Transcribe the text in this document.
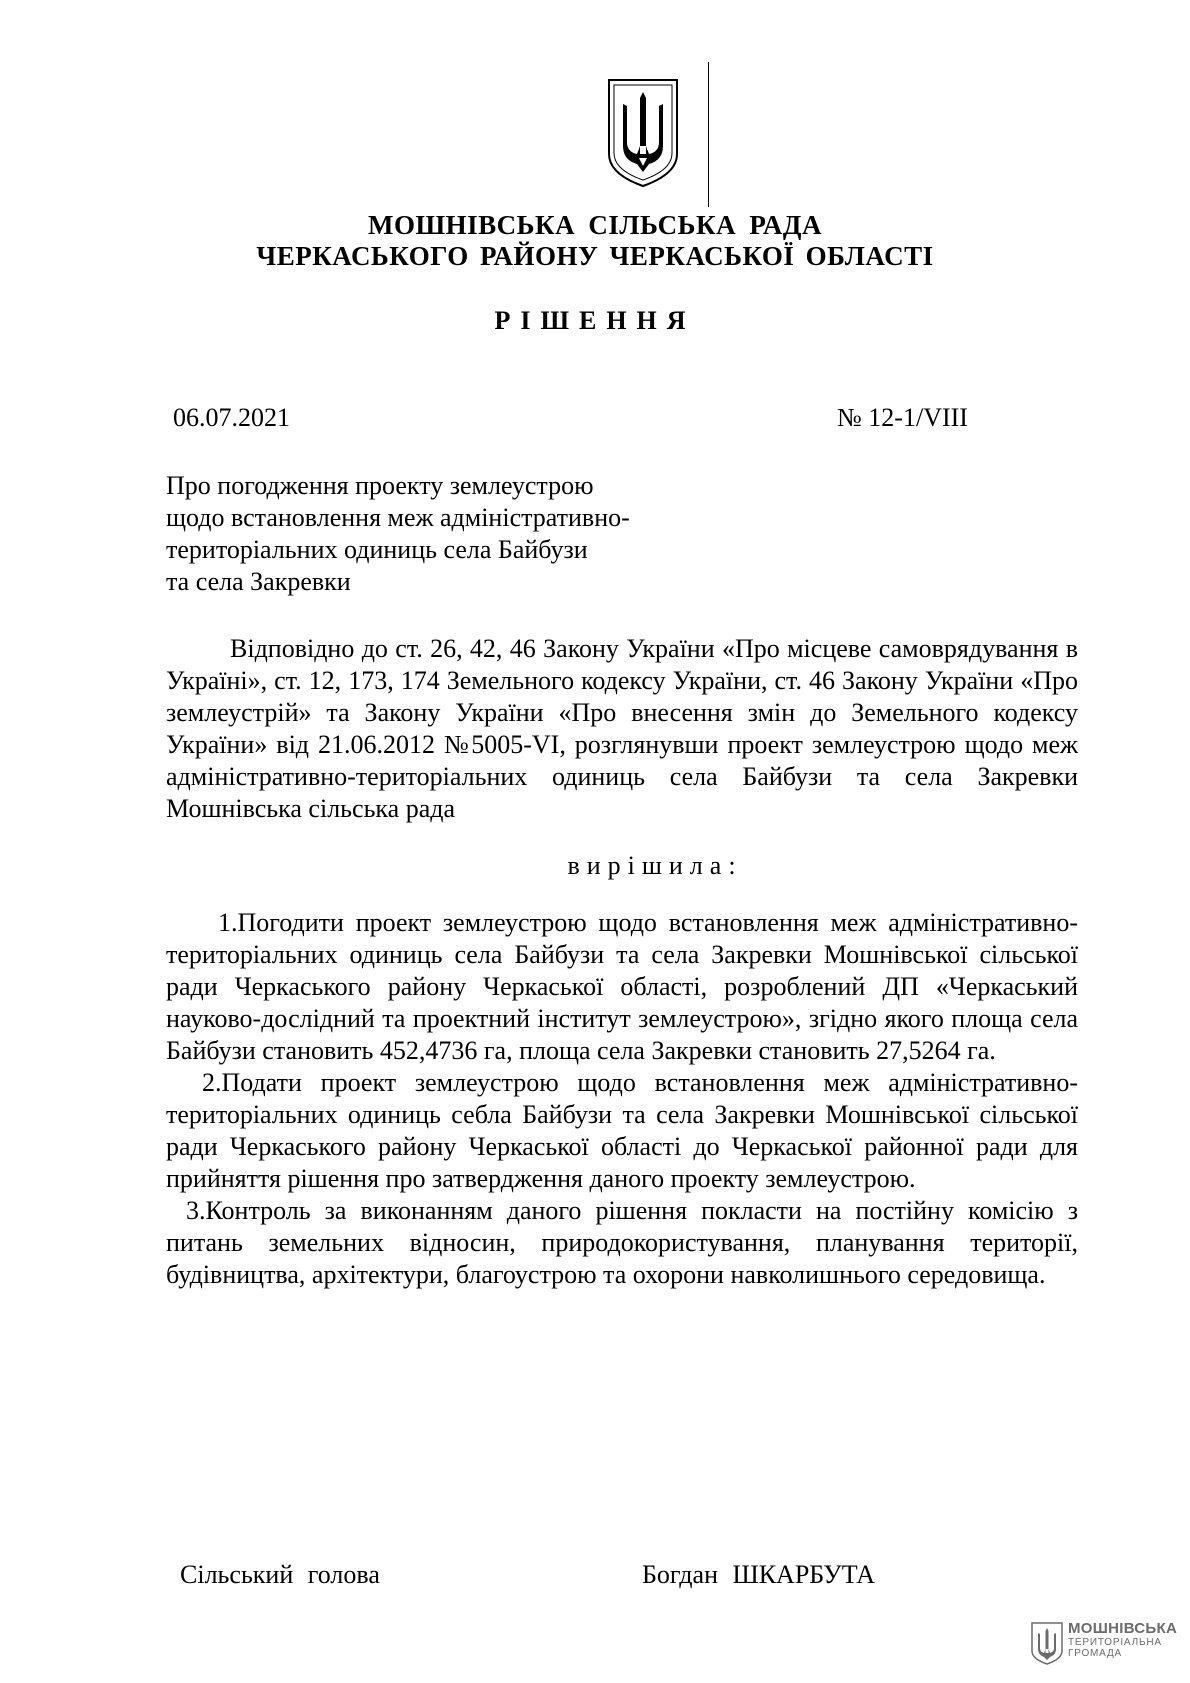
МОШНІВСЬКА СІЛЬСЬКА РАДА
ЧЕРКАСЬКОГО РАЙОНУ ЧЕРКАСЬКОЇ ОБЛАСТІ
РІШЕННЯ
06.07.2021	№ 12-1/VIII
Про погодження проекту землеустрою
щодо встановлення меж адміністративно-
територіальних одиниць села Байбузи
та села Закревки
Відповідно до ст. 26, 42, 46 Закону України «Про місцеве самоврядування в Україні», ст. 12, 173, 174 Земельного кодексу України, ст. 46 Закону України «Про землеустрій» та Закону України «Про внесення змін до Земельного кодексу України» від 21.06.2012 №5005-VI, розглянувши проект землеустрою щодо меж адміністративно-територіальних одиниць села Байбузи та села Закревки Мошнівська сільська рада
вирішила:
1.Погодити проект землеустрою щодо встановлення меж адміністративно-територіальних одиниць села Байбузи та села Закревки Мошнівської сільської ради Черкаського району Черкаської області, розроблений ДП «Черкаський науково-дослідний та проектний інститут землеустрою», згідно якого площа села Байбузи становить 452,4736 га, площа села Закревки становить 27,5264 га.
2.Подати проект землеустрою щодо встановлення меж адміністративно-територіальних одиниць себла Байбузи та села Закревки Мошнівської сільської ради Черкаського району Черкаської області до Черкаської районної ради для прийняття рішення про затвердження даного проекту землеустрою.
3.Контроль за виконанням даного рішення покласти на постійну комісію з питань земельних відносин, природокористування, планування території, будівництва, архітектури, благоустрою та охорони навколишнього середовища.
Сільський голова	Богдан ШКАРБУТА
МОШНІВСЬКА
ТЕРИТОРІАЛЬНА
ГРОМАДА
